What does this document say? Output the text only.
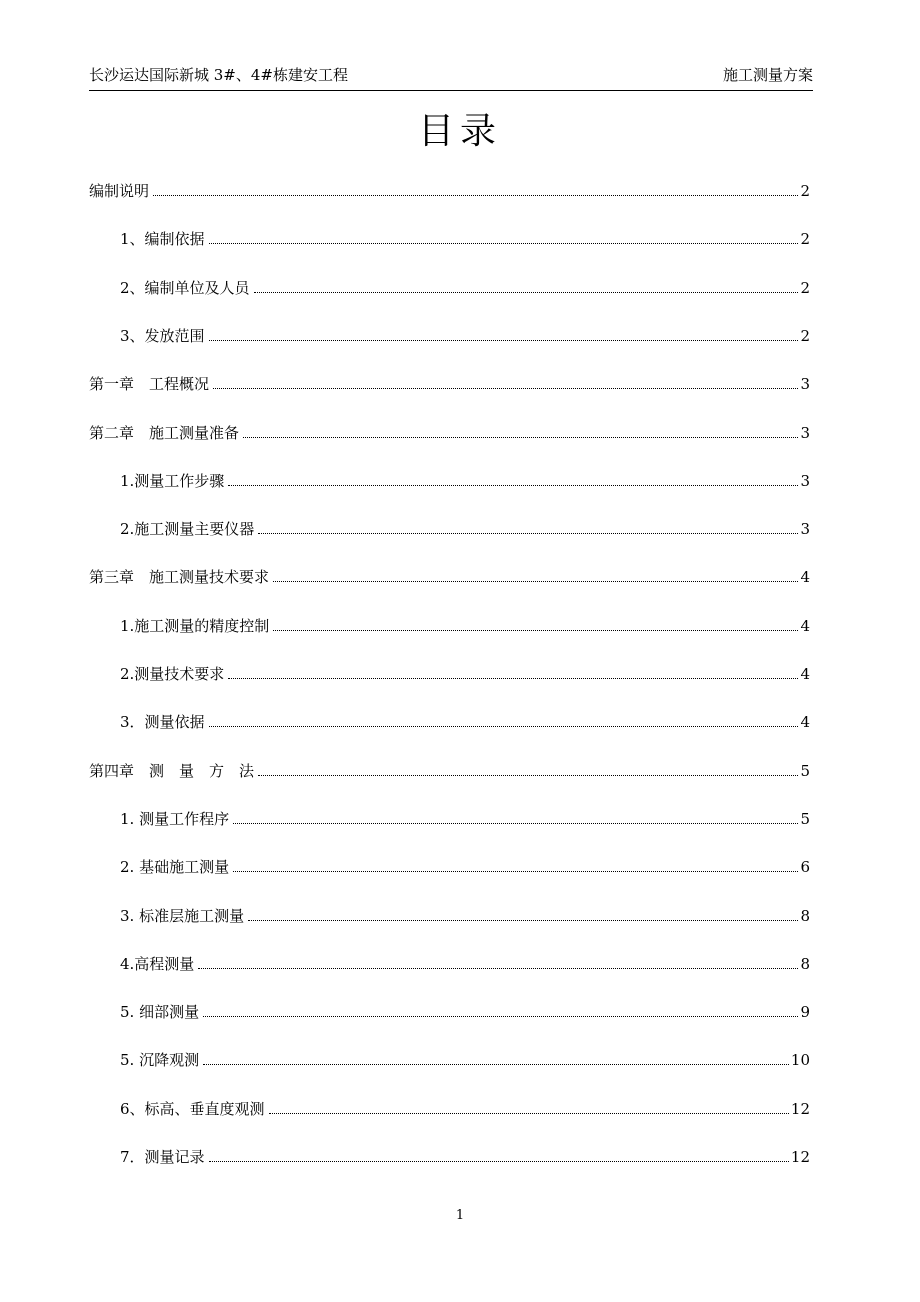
长沙运达国际新城 3#、4#栋建安工程	施工测量方案
目录
编制说明	2
1、编制依据	2
2、编制单位及人员	2
3、发放范围	2
第一章　工程概况	3
第二章　施工测量准备	3
1.测量工作步骤	3
2.施工测量主要仪器	3
第三章　施工测量技术要求	4
1.施工测量的精度控制	4
2.测量技术要求	4
3．测量依据	4
第四章　测　量　方　法	5
1. 测量工作程序	5
2. 基础施工测量	6
3. 标准层施工测量	8
4.高程测量	8
5. 细部测量	9
5. 沉降观测	10
6、标高、垂直度观测	12
7．测量记录	12
1
